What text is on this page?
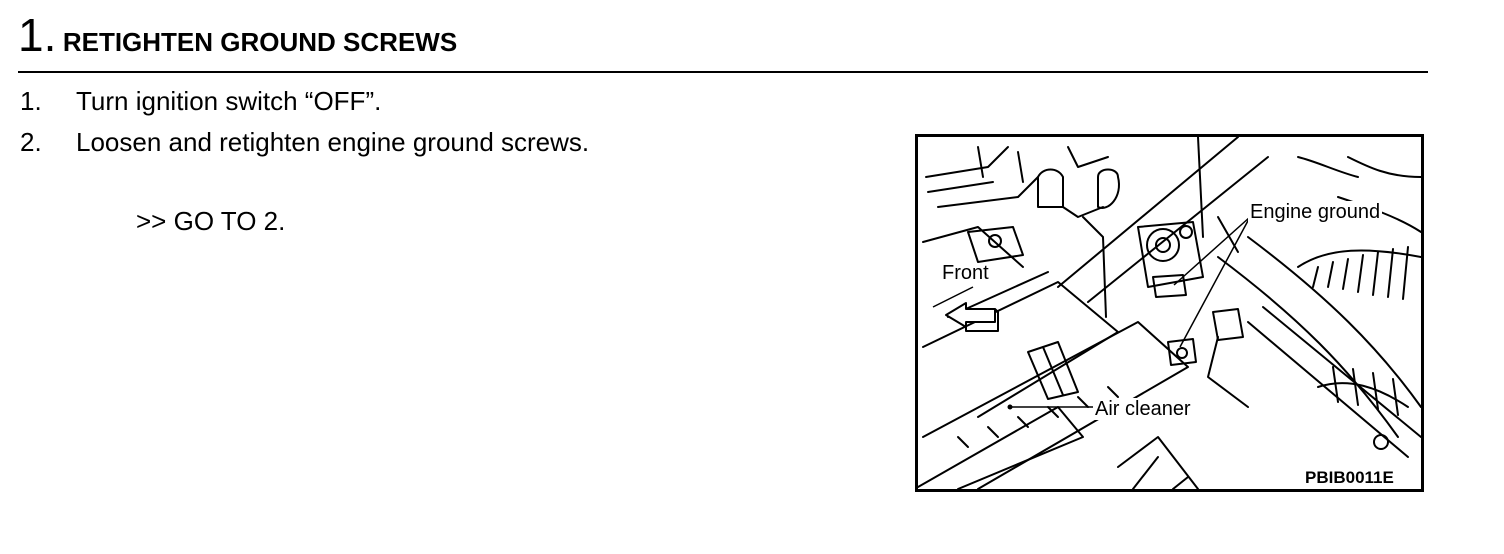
1. RETIGHTEN GROUND SCREWS
1. Turn ignition switch “OFF”.
2. Loosen and retighten engine ground screws.
>> GO TO 2.	Engine ground
Front
Air cleaner
PBIB0011E
